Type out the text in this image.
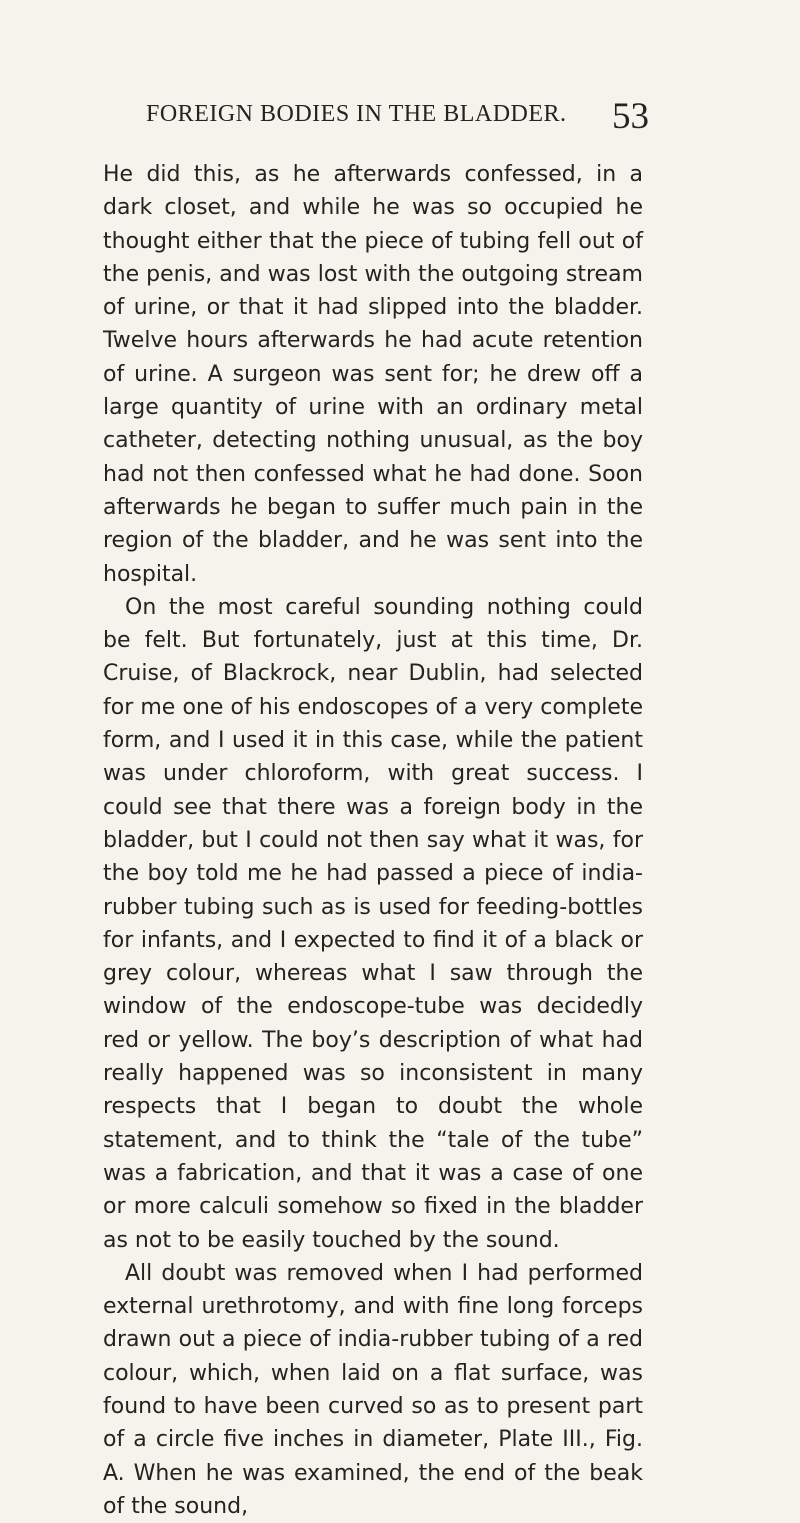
FOREIGN BODIES IN THE BLADDER. 53

He did this, as he afterwards confessed, in a dark closet, and while he was so occupied he thought either that the piece of tubing fell out of the penis, and was lost with the outgoing stream of urine, or that it had slipped into the bladder. Twelve hours afterwards he had acute retention of urine. A surgeon was sent for; he drew off a large quantity of urine with an ordinary metal catheter, detecting nothing unusual, as the boy had not then confessed what he had done. Soon afterwards he began to suffer much pain in the region of the bladder, and he was sent into the hospital.

On the most careful sounding nothing could be felt. But fortunately, just at this time, Dr. Cruise, of Blackrock, near Dublin, had selected for me one of his endoscopes of a very complete form, and I used it in this case, while the patient was under chloroform, with great success. I could see that there was a foreign body in the bladder, but I could not then say what it was, for the boy told me he had passed a piece of india-rubber tubing such as is used for feeding-bottles for infants, and I expected to find it of a black or grey colour, whereas what I saw through the window of the endoscope-tube was decidedly red or yellow. The boy’s description of what had really happened was so inconsistent in many respects that I began to doubt the whole statement, and to think the “tale of the tube” was a fabrication, and that it was a case of one or more calculi somehow so fixed in the bladder as not to be easily touched by the sound.

All doubt was removed when I had performed external urethrotomy, and with fine long forceps drawn out a piece of india-rubber tubing of a red colour, which, when laid on a flat surface, was found to have been curved so as to present part of a circle five inches in diameter, Plate III., Fig. A. When he was examined, the end of the beak of the sound,
